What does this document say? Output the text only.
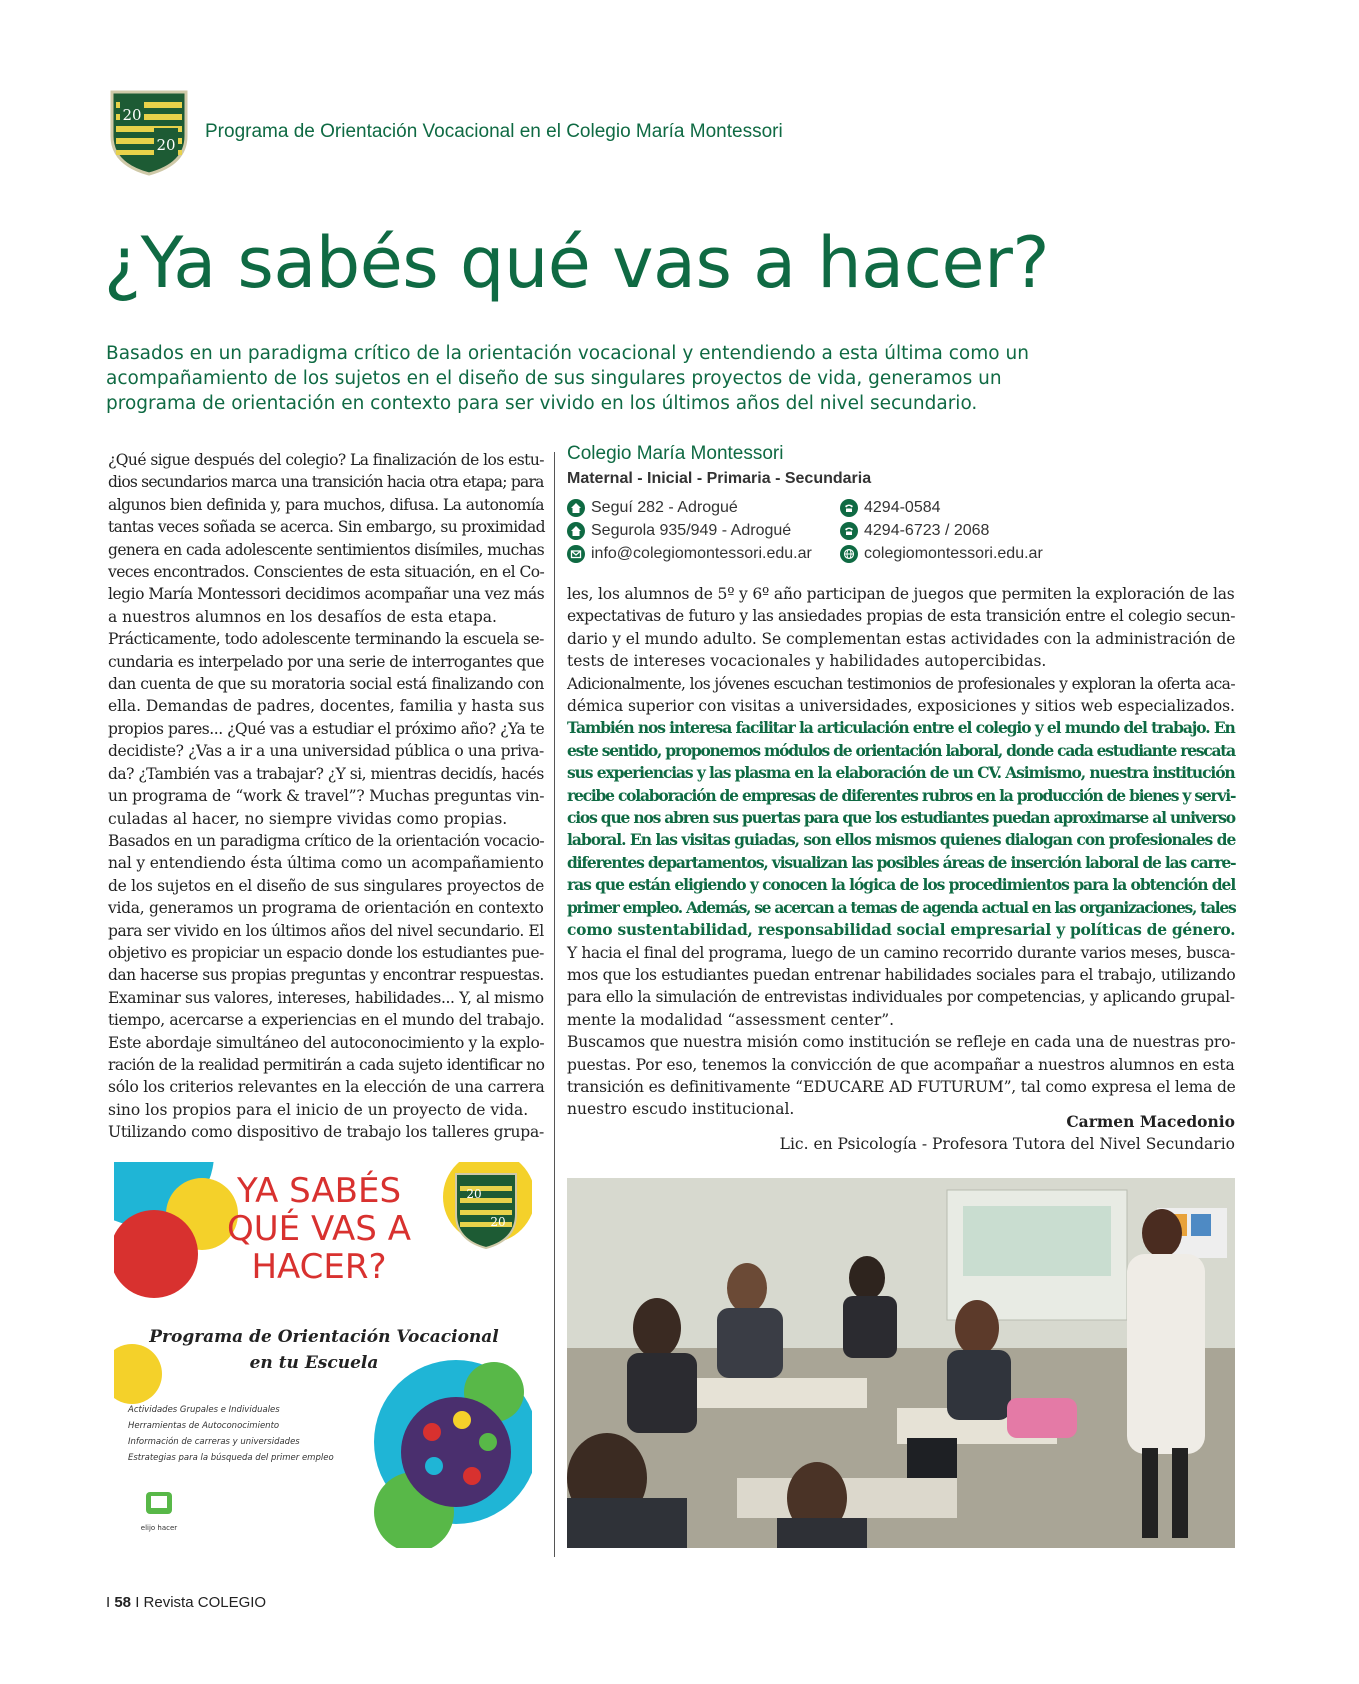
20
20
Programa de Orientación Vocacional en el Colegio María Montessori
¿Ya sabés qué vas a hacer?

Basados en un paradigma crítico de la orientación vocacional y entendiendo a esta última como un

acompañamiento de los sujetos en el diseño de sus singulares proyectos de vida, generamos un

programa de orientación en contexto para ser vivido en los últimos años del nivel secundario.

¿Qué sigue después del colegio? La finalización de los estu-

dios secundarios marca una transición hacia otra etapa; para

algunos bien definida y, para muchos, difusa. La autonomía

tantas veces soñada se acerca. Sin embargo, su proximidad

genera en cada adolescente sentimientos disímiles, muchas

veces encontrados. Conscientes de esta situación, en el Co-

legio María Montessori decidimos acompañar una vez más

a nuestros alumnos en los desafíos de esta etapa.

Prácticamente, todo adolescente terminando la escuela se-

cundaria es interpelado por una serie de interrogantes que

dan cuenta de que su moratoria social está finalizando con

ella. Demandas de padres, docentes, familia y hasta sus

propios pares... ¿Qué vas a estudiar el próximo año? ¿Ya te

decidiste? ¿Vas a ir a una universidad pública o una priva-

da? ¿También vas a trabajar? ¿Y si, mientras decidís, hacés

un programa de “work & travel”? Muchas preguntas vin-

culadas al hacer, no siempre vividas como propias.

Basados en un paradigma crítico de la orientación vocacio-

nal y entendiendo ésta última como un acompañamiento

de los sujetos en el diseño de sus singulares proyectos de

vida, generamos un programa de orientación en contexto

para ser vivido en los últimos años del nivel secundario. El

objetivo es propiciar un espacio donde los estudiantes pue-

dan hacerse sus propias preguntas y encontrar respuestas.

Examinar sus valores, intereses, habilidades... Y, al mismo

tiempo, acercarse a experiencias en el mundo del trabajo.

Este abordaje simultáneo del autoconocimiento y la explo-

ración de la realidad permitirán a cada sujeto identificar no

sólo los criterios relevantes en la elección de una carrera

sino los propios para el inicio de un proyecto de vida.

Utilizando como dispositivo de trabajo los talleres grupa-

Colegio María Montessori
Maternal - Inicial - Primaria - Secundaria
Seguí 282 - Adrogué
Segurola 935/949 - Adrogué
info@colegiomontessori.edu.ar
4294-0584
4294-6723 / 2068
colegiomontessori.edu.ar

les, los alumnos de 5º y 6º año participan de juegos que permiten la exploración de las

expectativas de futuro y las ansiedades propias de esta transición entre el colegio secun-

dario y el mundo adulto. Se complementan estas actividades con la administración de

tests de intereses vocacionales y habilidades autopercibidas.

Adicionalmente, los jóvenes escuchan testimonios de profesionales y exploran la oferta aca-

démica superior con visitas a universidades, exposiciones y sitios web especializados.

También nos interesa facilitar la articulación entre el colegio y el mundo del trabajo. En

este sentido, proponemos módulos de orientación laboral, donde cada estudiante rescata

sus experiencias y las plasma en la elaboración de un CV. Asimismo, nuestra institución

recibe colaboración de empresas de diferentes rubros en la producción de bienes y servi-

cios que nos abren sus puertas para que los estudiantes puedan aproximarse al universo

laboral. En las visitas guiadas, son ellos mismos quienes dialogan con profesionales de

diferentes departamentos, visualizan las posibles áreas de inserción laboral de las carre-

ras que están eligiendo y conocen la lógica de los procedimientos para la obtención del

primer empleo. Además, se acercan a temas de agenda actual en las organizaciones, tales

como sustentabilidad, responsabilidad social empresarial y políticas de género.

Y hacia el final del programa, luego de un camino recorrido durante varios meses, busca-

mos que los estudiantes puedan entrenar habilidades sociales para el trabajo, utilizando

para ello la simulación de entrevistas individuales por competencias, y aplicando grupal-

mente la modalidad “assessment center”.

Buscamos que nuestra misión como institución se refleje en cada una de nuestras pro-

puestas. Por eso, tenemos la convicción de que acompañar a nuestros alumnos en esta

transición es definitivamente “EDUCARE AD FUTURUM”, tal como expresa el lema de

nuestro escudo institucional.

Carmen Macedonio

Lic. en Psicología - Profesora Tutora del Nivel Secundario

20
20
YA SABÉS
QUÉ VAS A
HACER?
Programa de Orientación Vocacional
en tu Escuela
Actividades Grupales e Individuales
Herramientas de Autoconocimiento
Información de carreras y universidades
Estrategias para la búsqueda del primer empleo
elijo hacer
I 58 I Revista COLEGIO
